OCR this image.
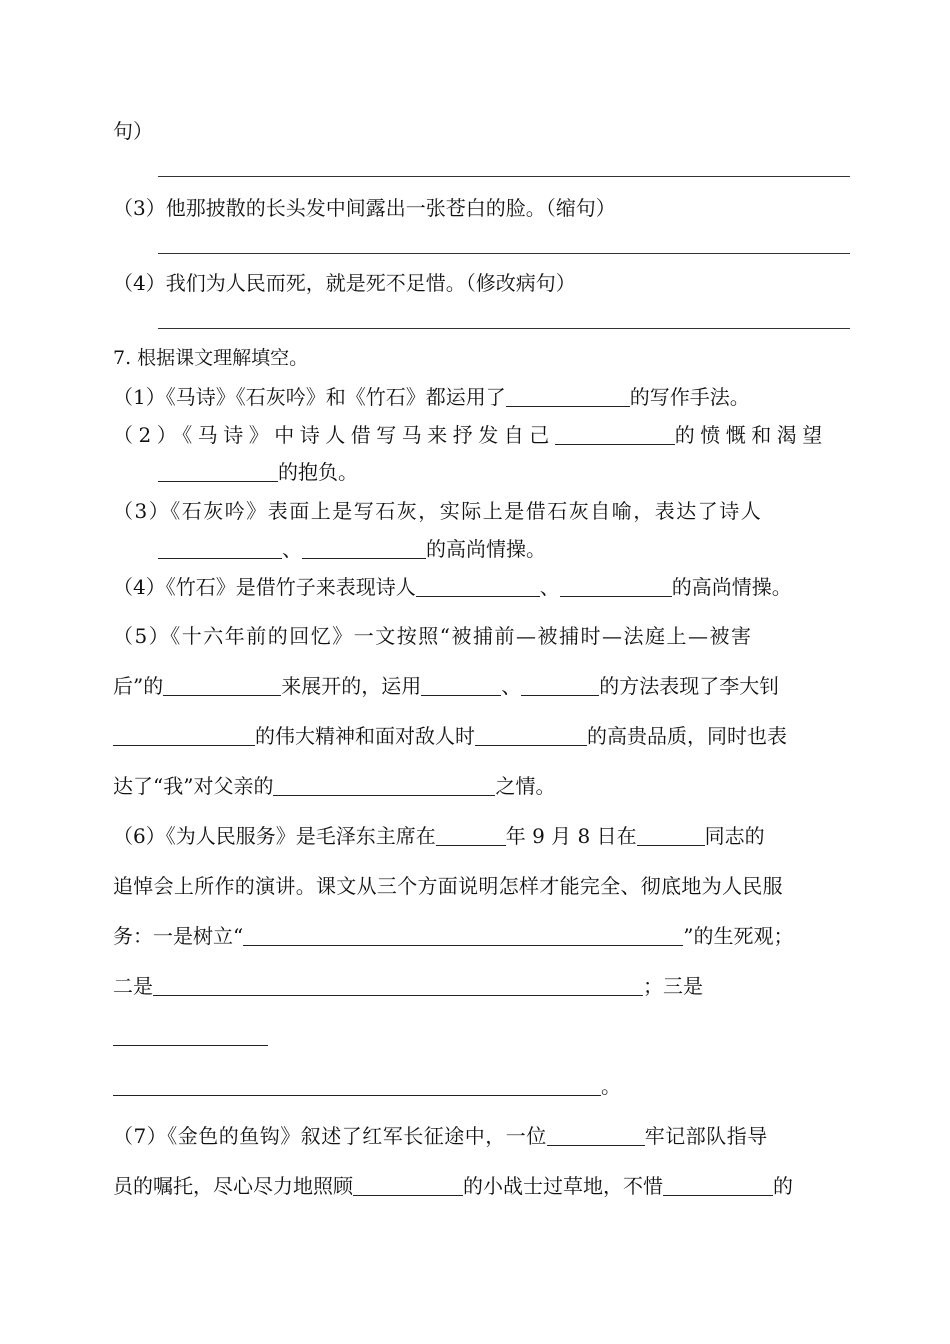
句）
（3）他那披散的长头发中间露出一张苍白的脸。（缩句）
（4）我们为人民而死，就是死不足惜。（修改病句）
7. 根据课文理解填空。
（1）《马诗》《石灰吟》和《竹石》都运用了	的写作手法。
（2）《马诗》中诗人借写马来抒发自己	的愤慨和渴望
的抱负。
（3）《石灰吟》表面上是写石灰，实际上是借石灰自喻，表达了诗人
、	的高尚情操。
（4）《竹石》是借竹子来表现诗人	、	的高尚情操。
（5）《十六年前的回忆》一文按照“被捕前—被捕时—法庭上—被害
后”的	来展开的，运用	、	的方法表现了李大钊
的伟大精神和面对敌人时	的高贵品质，同时也表
达了“我”对父亲的	之情。
（6）《为人民服务》是毛泽东主席在	年 9 月 8 日在	同志的
追悼会上所作的演讲。课文从三个方面说明怎样才能完全、彻底地为人民服
务：一是树立“	”的生死观；
二是	；三是
。
（7）《金色的鱼钩》叙述了红军长征途中，一位	牢记部队指导
员的嘱托，尽心尽力地照顾	的小战士过草地，不惜	的
